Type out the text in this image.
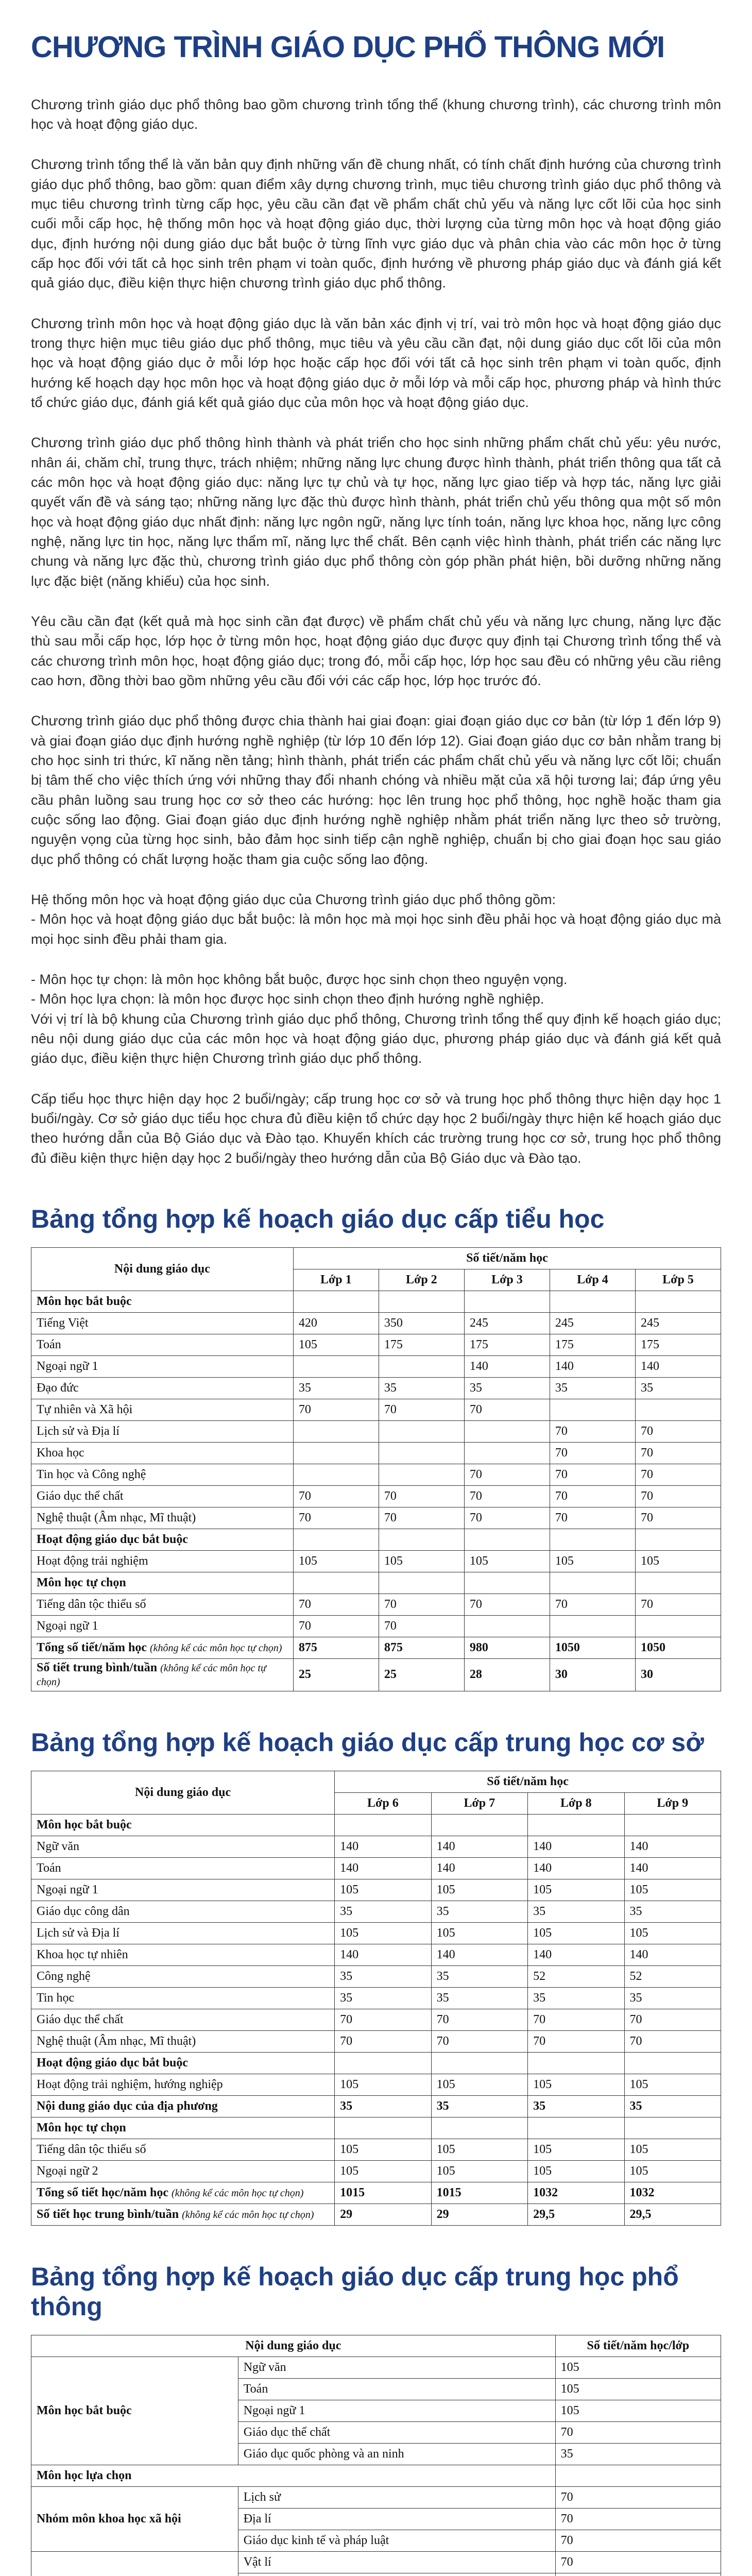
CHƯƠNG TRÌNH GIÁO DỤC PHỔ THÔNG MỚI

Chương trình giáo dục phổ thông bao gồm chương trình tổng thể (khung chương trình), các chương trình môn học và hoạt động giáo dục.

Chương trình tổng thể là văn bản quy định những vấn đề chung nhất, có tính chất định hướng của chương trình giáo dục phổ thông, bao gồm: quan điểm xây dựng chương trình, mục tiêu chương trình giáo dục phổ thông và mục tiêu chương trình từng cấp học, yêu cầu cần đạt về phẩm chất chủ yếu và năng lực cốt lõi của học sinh cuối mỗi cấp học, hệ thống môn học và hoạt động giáo dục, thời lượng của từng môn học và hoạt động giáo dục, định hướng nội dung giáo dục bắt buộc ở từng lĩnh vực giáo dục và phân chia vào các môn học ở từng cấp học đối với tất cả học sinh trên phạm vi toàn quốc, định hướng về phương pháp giáo dục và đánh giá kết quả giáo dục, điều kiện thực hiện chương trình giáo dục phổ thông.

Chương trình môn học và hoạt động giáo dục là văn bản xác định vị trí, vai trò môn học và hoạt động giáo dục trong thực hiện mục tiêu giáo dục phổ thông, mục tiêu và yêu cầu cần đạt, nội dung giáo dục cốt lõi của môn học và hoạt động giáo dục ở mỗi lớp học hoặc cấp học đối với tất cả học sinh trên phạm vi toàn quốc, định hướng kế hoạch dạy học môn học và hoạt động giáo dục ở mỗi lớp và mỗi cấp học, phương pháp và hình thức tổ chức giáo dục, đánh giá kết quả giáo dục của môn học và hoạt động giáo dục.

Chương trình giáo dục phổ thông hình thành và phát triển cho học sinh những phẩm chất chủ yếu: yêu nước, nhân ái, chăm chỉ, trung thực, trách nhiệm; những năng lực chung được hình thành, phát triển thông qua tất cả các môn học và hoạt động giáo dục: năng lực tự chủ và tự học, năng lực giao tiếp và hợp tác, năng lực giải quyết vấn đề và sáng tạo; những năng lực đặc thù được hình thành, phát triển chủ yếu thông qua một số môn học và hoạt động giáo dục nhất định: năng lực ngôn ngữ, năng lực tính toán, năng lực khoa học, năng lực công nghệ, năng lực tin học, năng lực thẩm mĩ, năng lực thể chất. Bên cạnh việc hình thành, phát triển các năng lực chung và năng lực đặc thù, chương trình giáo dục phổ thông còn góp phần phát hiện, bồi dưỡng những năng lực đặc biệt (năng khiếu) của học sinh.

Yêu cầu cần đạt (kết quả mà học sinh cần đạt được) về phẩm chất chủ yếu và năng lực chung, năng lực đặc thù sau mỗi cấp học, lớp học ở từng môn học, hoạt động giáo dục được quy định tại Chương trình tổng thể và các chương trình môn học, hoạt động giáo dục; trong đó, mỗi cấp học, lớp học sau đều có những yêu cầu riêng cao hơn, đồng thời bao gồm những yêu cầu đối với các cấp học, lớp học trước đó.

Chương trình giáo dục phổ thông được chia thành hai giai đoạn: giai đoạn giáo dục cơ bản (từ lớp 1 đến lớp 9) và giai đoạn giáo dục định hướng nghề nghiệp (từ lớp 10 đến lớp 12). Giai đoạn giáo dục cơ bản nhằm trang bị cho học sinh tri thức, kĩ năng nền tảng; hình thành, phát triển các phẩm chất chủ yếu và năng lực cốt lõi; chuẩn bị tâm thế cho việc thích ứng với những thay đổi nhanh chóng và nhiều mặt của xã hội tương lai; đáp ứng yêu cầu phân luồng sau trung học cơ sở theo các hướng: học lên trung học phổ thông, học nghề hoặc tham gia cuộc sống lao động. Giai đoạn giáo dục định hướng nghề nghiệp nhằm phát triển năng lực theo sở trường, nguyện vọng của từng học sinh, bảo đảm học sinh tiếp cận nghề nghiệp, chuẩn bị cho giai đoạn học sau giáo dục phổ thông có chất lượng hoặc tham gia cuộc sống lao động.

Hệ thống môn học và hoạt động giáo dục của Chương trình giáo dục phổ thông gồm:

- Môn học và hoạt động giáo dục bắt buộc: là môn học mà mọi học sinh đều phải học và hoạt động giáo dục mà mọi học sinh đều phải tham gia.

- Môn học tự chọn: là môn học không bắt buộc, được học sinh chọn theo nguyện vọng.

- Môn học lựa chọn: là môn học được học sinh chọn theo định hướng nghề nghiệp.

Với vị trí là bộ khung của Chương trình giáo dục phổ thông, Chương trình tổng thể quy định kế hoạch giáo dục; nêu nội dung giáo dục của các môn học và hoạt động giáo dục, phương pháp giáo dục và đánh giá kết quả giáo dục, điều kiện thực hiện Chương trình giáo dục phổ thông.

Cấp tiểu học thực hiện dạy học 2 buổi/ngày; cấp trung học cơ sở và trung học phổ thông thực hiện dạy học 1 buổi/ngày. Cơ sở giáo dục tiểu học chưa đủ điều kiện tổ chức dạy học 2 buổi/ngày thực hiện kế hoạch giáo dục theo hướng dẫn của Bộ Giáo dục và Đào tạo. Khuyến khích các trường trung học cơ sở, trung học phổ thông đủ điều kiện thực hiện dạy học 2 buổi/ngày theo hướng dẫn của Bộ Giáo dục và Đào tạo.

Bảng tổng hợp kế hoạch giáo dục cấp tiểu học
Nội dung giáo dục	Số tiết/năm học				
	Lớp 1	Lớp 2	Lớp 3	Lớp 4	Lớp 5
Môn học bắt buộc					
Tiếng Việt	420	350	245	245	245
Toán	105	175	175	175	175
Ngoại ngữ 1			140	140	140
Đạo đức	35	35	35	35	35
Tự nhiên và Xã hội	70	70	70		
Lịch sử và Địa lí				70	70
Khoa học				70	70
Tin học và Công nghệ			70	70	70
Giáo dục thể chất	70	70	70	70	70
Nghệ thuật (Âm nhạc, Mĩ thuật)	70	70	70	70	70
Hoạt động giáo dục bắt buộc					
Hoạt động trải nghiệm	105	105	105	105	105
Môn học tự chọn					
Tiếng dân tộc thiểu số	70	70	70	70	70
Ngoại ngữ 1	70	70			
Tổng số tiết/năm học (không kể các môn học tự chọn)	875	875	980	1050	1050
Số tiết trung bình/tuần (không kể các môn học tự chọn)	25	25	28	30	30
Bảng tổng hợp kế hoạch giáo dục cấp trung học cơ sở
Nội dung giáo dục	Số tiết/năm học			
	Lớp 6	Lớp 7	Lớp 8	Lớp 9
Môn học bắt buộc				
Ngữ văn	140	140	140	140
Toán	140	140	140	140
Ngoại ngữ 1	105	105	105	105
Giáo dục công dân	35	35	35	35
Lịch sử và Địa lí	105	105	105	105
Khoa học tự nhiên	140	140	140	140
Công nghệ	35	35	52	52
Tin học	35	35	35	35
Giáo dục thể chất	70	70	70	70
Nghệ thuật (Âm nhạc, Mĩ thuật)	70	70	70	70
Hoạt động giáo dục bắt buộc				
Hoạt động trải nghiệm, hướng nghiệp	105	105	105	105
Nội dung giáo dục của địa phương	35	35	35	35
Môn học tự chọn				
Tiếng dân tộc thiểu số	105	105	105	105
Ngoại ngữ 2	105	105	105	105
Tổng số tiết học/năm học (không kể các môn học tự chọn)	1015	1015	1032	1032
Số tiết học trung bình/tuần (không kể các môn học tự chọn)	29	29	29,5	29,5
Bảng tổng hợp kế hoạch giáo dục cấp trung học phổ thông
Nội dung giáo dục		Số tiết/năm học/lớp
Môn học bắt buộc	Ngữ văn	105
	Toán	105
	Ngoại ngữ 1	105
	Giáo dục thể chất	70
	Giáo dục quốc phòng và an ninh	35
Môn học lựa chọn		
Nhóm môn khoa học xã hội	Lịch sử	70
	Địa lí	70
	Giáo dục kinh tế và pháp luật	70
	Vật lí	70
